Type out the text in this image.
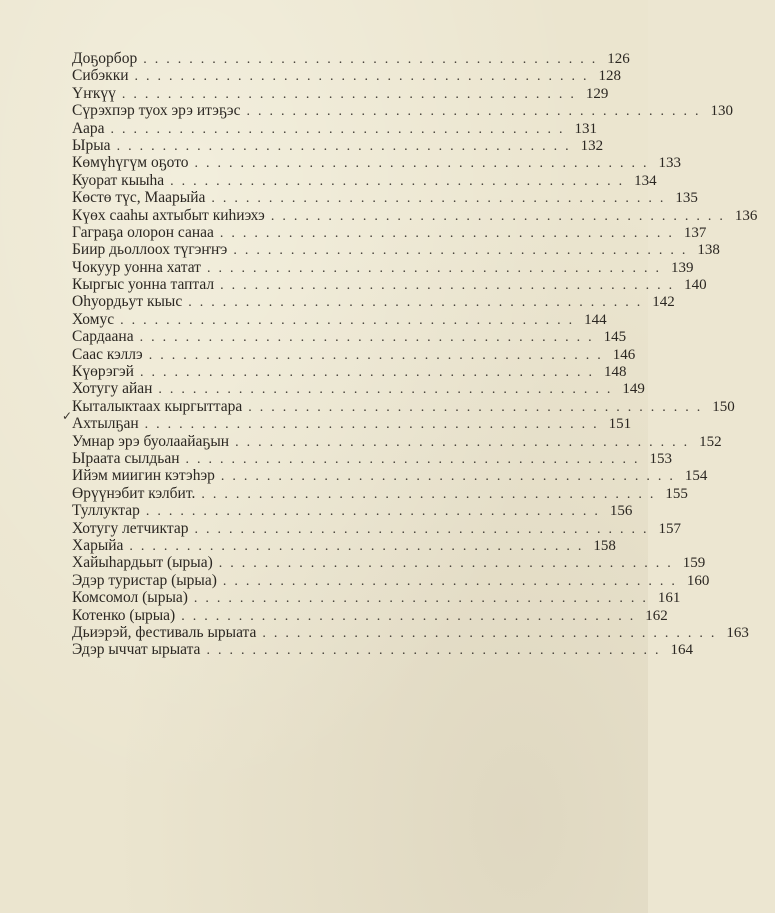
Доҕорбор ........................................ 126
Сибэкки ........................................ 128
Үҥкүү ........................................ 129
Сүрэхпэр туох эрэ итэҕэс ........................................ 130
Аара ........................................ 131
Ырыа ........................................ 132
Көмүһүгүм оҕото ........................................ 133
Куорат кыыһа ........................................ 134
Көстө түс, Маарыйа ........................................ 135
Күөх сааһы ахтыбыт киһиэхэ ........................................ 136
Гаграҕа олорон санаа ........................................ 137
Биир дьоллоох түгэҥҥэ ........................................ 138
Чокуур уонна хатат ........................................ 139
Кыргыс уонна таптал ........................................ 140
Оһуордьут кыыс ........................................ 142
Хомус ........................................ 144
Сардаана ........................................ 145
Саас кэллэ ........................................ 146
Күөрэгэй ........................................ 148
Хотугу айан ........................................ 149
Кыталыктаах кыргыттара ........................................ 150
Ахтылҕан ........................................ 151
Умнар эрэ буолаайаҕын ........................................ 152
Ыраата сылдьан ........................................ 153
Ийэм миигин кэтэһэр ........................................ 154
Өрүүнэбит кэлбит. ........................................ 155
Туллуктар ........................................ 156
Хотугу летчиктар ........................................ 157
Харыйа ........................................ 158
Хайыһардьыт (ырыа) ........................................ 159
Эдэр туристар (ырыа) ........................................ 160
Комсомол (ырыа) ........................................ 161
Котенко (ырыа) ........................................ 162
Дьиэрэй, фестиваль ырыата ........................................ 163
Эдэр ыччат ырыата ........................................ 164
✓
